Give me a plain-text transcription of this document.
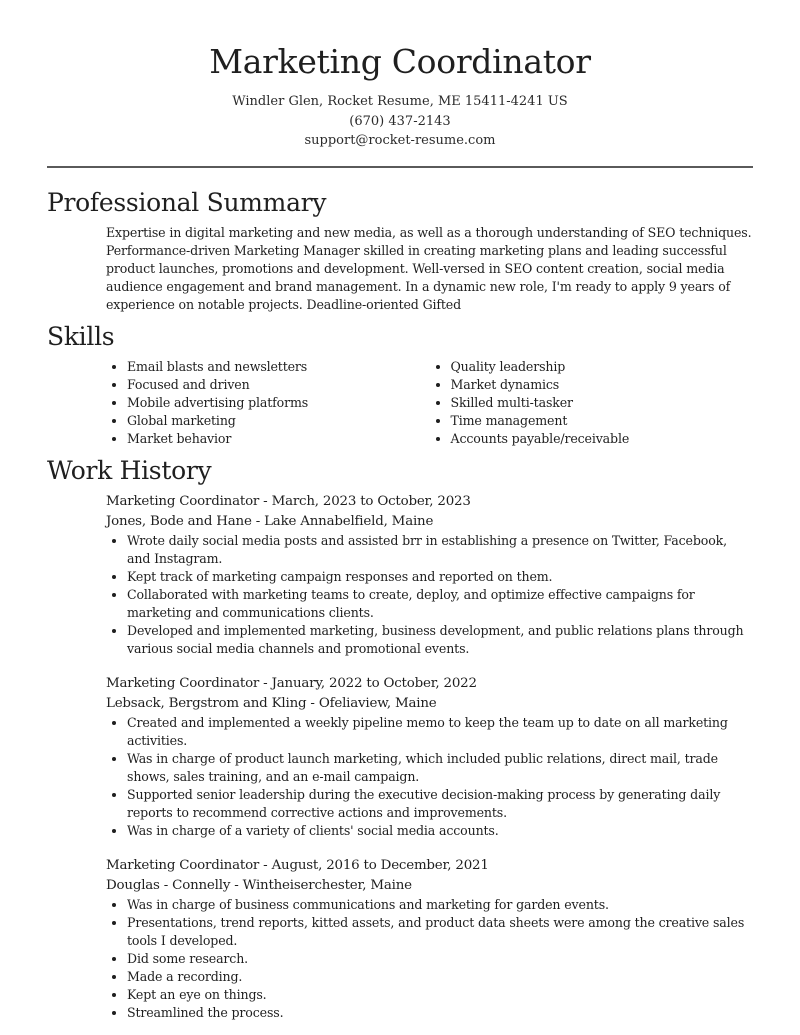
Marketing Coordinator
Windler Glen, Rocket Resume, ME 15411-4241 US
(670) 437-2143
support@rocket-resume.com
Professional Summary

Expertise in digital marketing and new media, as well as a thorough understanding of SEO techniques. Performance-driven Marketing Manager skilled in creating marketing plans and leading successful product launches, promotions and development. Well-versed in SEO content creation, social media audience engagement and brand management. In a dynamic new role, I'm ready to apply 9 years of experience on notable projects. Deadline-oriented Gifted

Skills
• Email blasts and newsletters
• Focused and driven
• Mobile advertising platforms
• Global marketing
• Market behavior
• Quality leadership
• Market dynamics
• Skilled multi-tasker
• Time management
• Accounts payable/receivable
Work History
Marketing Coordinator - March, 2023 to October, 2023
Jones, Bode and Hane - Lake Annabelfield, Maine
• Wrote daily social media posts and assisted brr in establishing a presence on Twitter, Facebook, and Instagram.
• Kept track of marketing campaign responses and reported on them.
• Collaborated with marketing teams to create, deploy, and optimize effective campaigns for marketing and communications clients.
• Developed and implemented marketing, business development, and public relations plans through various social media channels and promotional events.
Marketing Coordinator - January, 2022 to October, 2022
Lebsack, Bergstrom and Kling - Ofeliaview, Maine
• Created and implemented a weekly pipeline memo to keep the team up to date on all marketing activities.
• Was in charge of product launch marketing, which included public relations, direct mail, trade shows, sales training, and an e-mail campaign.
• Supported senior leadership during the executive decision-making process by generating daily reports to recommend corrective actions and improvements.
• Was in charge of a variety of clients' social media accounts.
Marketing Coordinator - August, 2016 to December, 2021
Douglas - Connelly - Wintheiserchester, Maine
• Was in charge of business communications and marketing for garden events.
• Presentations, trend reports, kitted assets, and product data sheets were among the creative sales tools I developed.
• Did some research.
• Made a recording.
• Kept an eye on things.
• Streamlined the process.
